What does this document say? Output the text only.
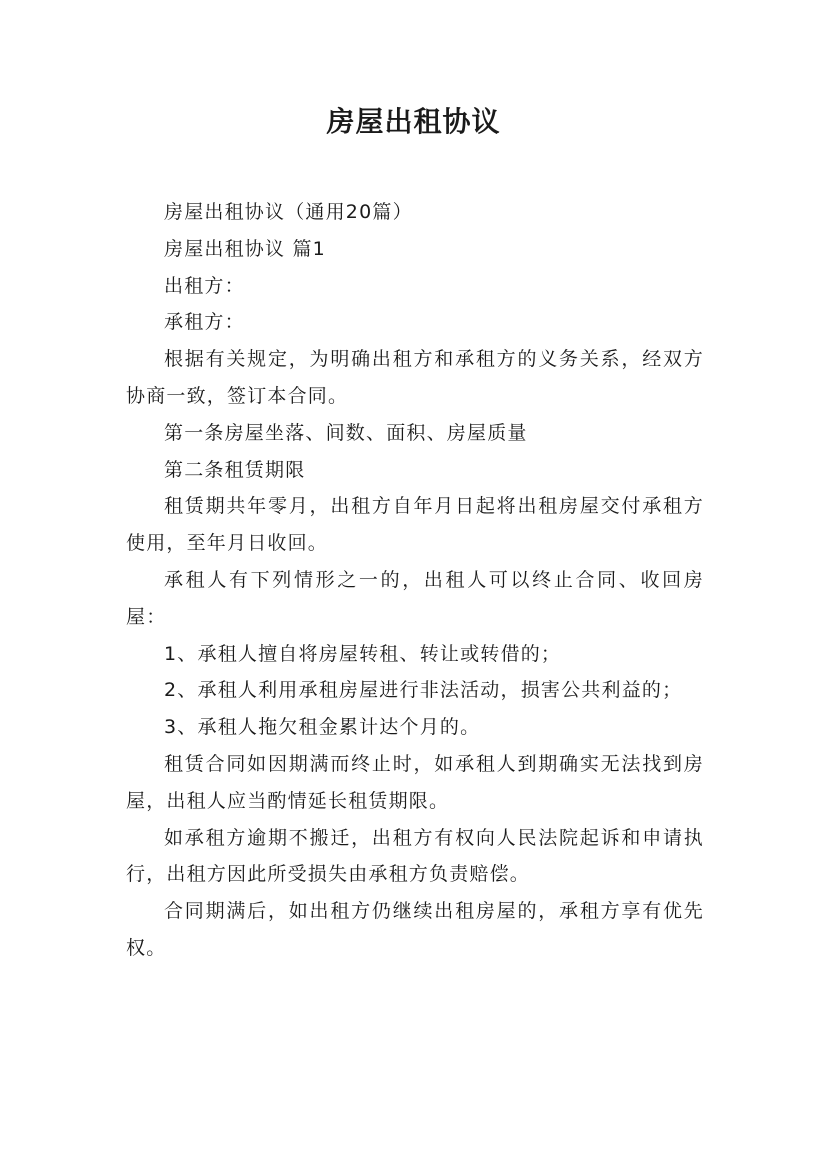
房屋出租协议

房屋出租协议（通用20篇）

房屋出租协议 篇1

出租方：

承租方：

根据有关规定，为明确出租方和承租方的义务关系，经双方协商一致，签订本合同。

第一条房屋坐落、间数、面积、房屋质量

第二条租赁期限

租赁期共年零月，出租方自年月日起将出租房屋交付承租方使用，至年月日收回。

承租人有下列情形之一的，出租人可以终止合同、收回房屋：

1、承租人擅自将房屋转租、转让或转借的；

2、承租人利用承租房屋进行非法活动，损害公共利益的；

3、承租人拖欠租金累计达个月的。

租赁合同如因期满而终止时，如承租人到期确实无法找到房屋，出租人应当酌情延长租赁期限。

如承租方逾期不搬迁，出租方有权向人民法院起诉和申请执行，出租方因此所受损失由承租方负责赔偿。

合同期满后，如出租方仍继续出租房屋的，承租方享有优先权。
